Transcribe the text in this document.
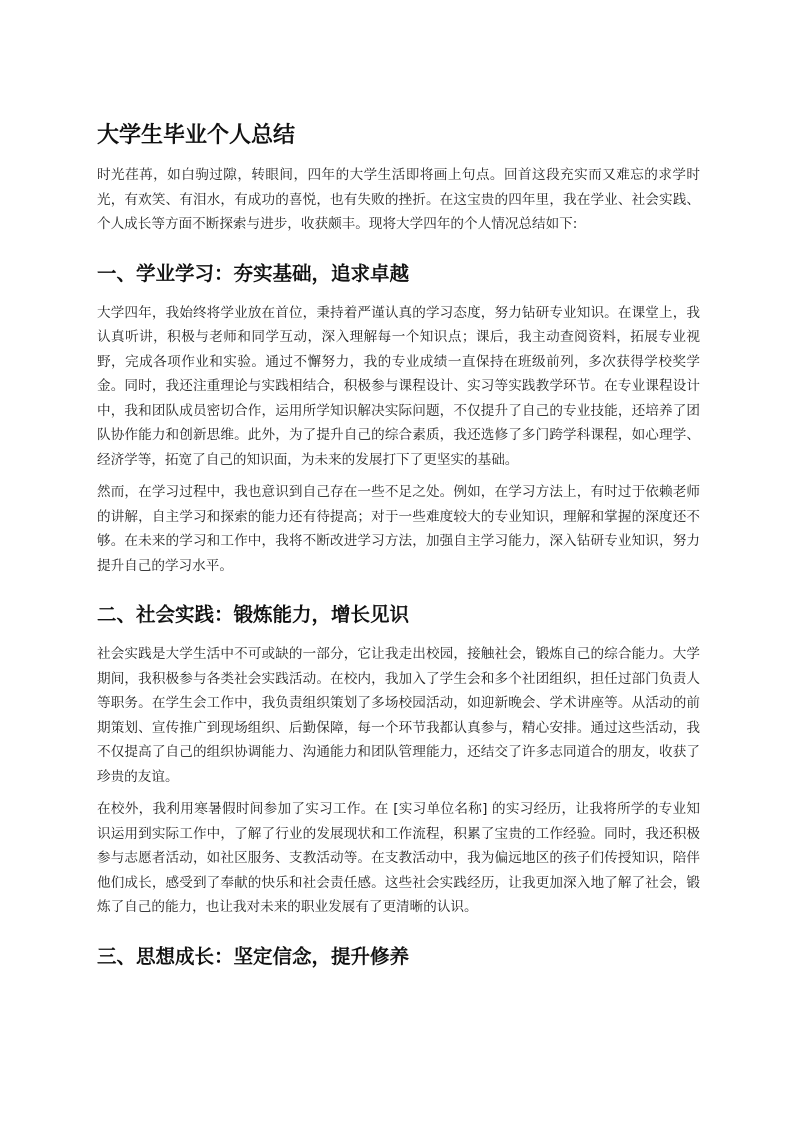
大学生毕业个人总结

时光荏苒，如白驹过隙，转眼间，四年的大学生活即将画上句点。回首这段充实而又难忘的求学时光，有欢笑、有泪水，有成功的喜悦，也有失败的挫折。在这宝贵的四年里，我在学业、社会实践、个人成长等方面不断探索与进步，收获颇丰。现将大学四年的个人情况总结如下:

一、学业学习：夯实基础，追求卓越

大学四年，我始终将学业放在首位，秉持着严谨认真的学习态度，努力钻研专业知识。在课堂上，我认真听讲，积极与老师和同学互动，深入理解每一个知识点；课后，我主动查阅资料，拓展专业视野，完成各项作业和实验。通过不懈努力，我的专业成绩一直保持在班级前列，多次获得学校奖学金。同时，我还注重理论与实践相结合，积极参与课程设计、实习等实践教学环节。在专业课程设计中，我和团队成员密切合作，运用所学知识解决实际问题，不仅提升了自己的专业技能，还培养了团队协作能力和创新思维。此外，为了提升自己的综合素质，我还选修了多门跨学科课程，如心理学、经济学等，拓宽了自己的知识面，为未来的发展打下了更坚实的基础。

然而，在学习过程中，我也意识到自己存在一些不足之处。例如，在学习方法上，有时过于依赖老师的讲解，自主学习和探索的能力还有待提高；对于一些难度较大的专业知识，理解和掌握的深度还不够。在未来的学习和工作中，我将不断改进学习方法，加强自主学习能力，深入钻研专业知识，努力提升自己的学习水平。

二、社会实践：锻炼能力，增长见识

社会实践是大学生活中不可或缺的一部分，它让我走出校园，接触社会，锻炼自己的综合能力。大学期间，我积极参与各类社会实践活动。在校内，我加入了学生会和多个社团组织，担任过部门负责人等职务。在学生会工作中，我负责组织策划了多场校园活动，如迎新晚会、学术讲座等。从活动的前期策划、宣传推广到现场组织、后勤保障，每一个环节我都认真参与，精心安排。通过这些活动，我不仅提高了自己的组织协调能力、沟通能力和团队管理能力，还结交了许多志同道合的朋友，收获了珍贵的友谊。

在校外，我利用寒暑假时间参加了实习工作。在 [实习单位名称] 的实习经历，让我将所学的专业知识运用到实际工作中，了解了行业的发展现状和工作流程，积累了宝贵的工作经验。同时，我还积极参与志愿者活动，如社区服务、支教活动等。在支教活动中，我为偏远地区的孩子们传授知识，陪伴他们成长，感受到了奉献的快乐和社会责任感。这些社会实践经历，让我更加深入地了解了社会，锻炼了自己的能力，也让我对未来的职业发展有了更清晰的认识。

三、思想成长：坚定信念，提升修养
